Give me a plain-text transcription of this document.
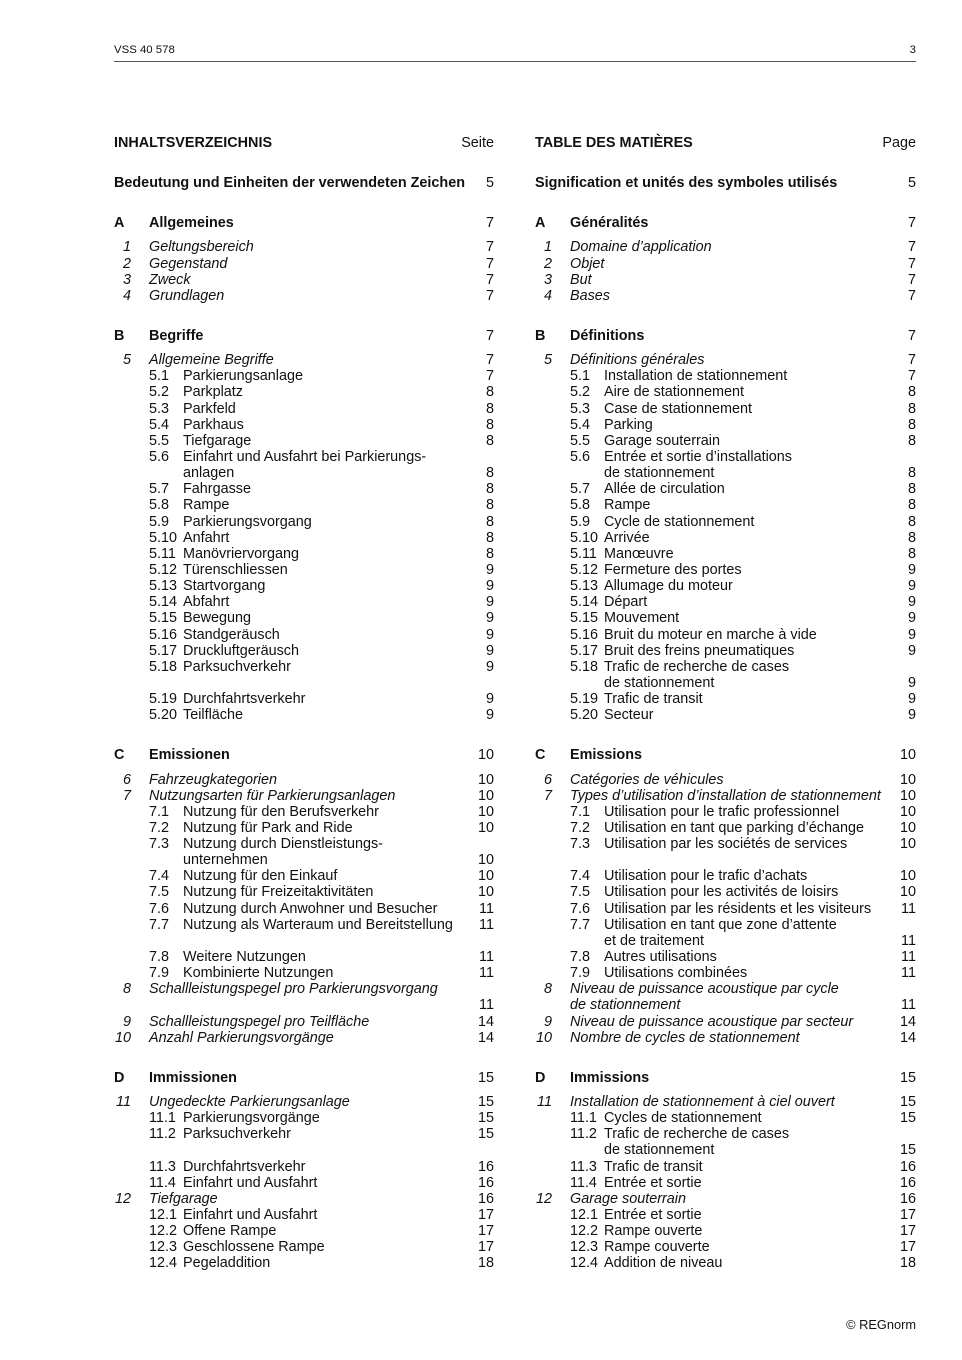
VSS 40 578	3
INHALTSVERZEICHNIS	Seite	TABLE DES MATIÈRES	Page
Bedeutung und Einheiten der verwendeten Zeichen 5	Signification et unités des symboles utilisés	5
A	Allgemeines	7	A	Généralités	7
1	Geltungsbereich	7	1	Domaine d’application	7
2	Gegenstand	7	2	Objet	7
3	Zweck	7	3	But	7
4	Grundlagen	7	4	Bases	7
B	Begriffe	7	B	Définitions	7
5	Allgemeine Begriffe	7	5	Définitions générales	7
5.1 Parkierungsanlage	7	5.1 Installation de stationnement	7
5.2 Parkplatz	8	5.2 Aire de stationnement	8
5.3 Parkfeld	8	5.3 Case de stationnement	8
5.4 Parkhaus	8	5.4 Parking	8
5.5 Tiefgarage	8	5.5 Garage souterrain	8
5.6 Einfahrt und Ausfahrt bei Parkierungs-
anlagen	8
5.6 Entrée et sortie d’installations
de stationnement	8
5.7 Fahrgasse	8	5.7 Allée de circulation	8
5.8 Rampe	8	5.8 Rampe	8
5.9 Parkierungsvorgang	8	5.9 Cycle de stationnement	8
5.10 Anfahrt	8	5.10 Arrivée	8
5.11 Manövriervorgang	8	5.11 Manœuvre	8
5.12 Türenschliessen	9	5.12 Fermeture des portes	9
5.13 Startvorgang	9	5.13 Allumage du moteur	9
5.14 Abfahrt	9	5.14 Départ	9
5.15 Bewegung	9	5.15 Mouvement	9
5.16 Standgeräusch	9	5.16 Bruit du moteur en marche à vide	9
5.17 Druckluftgeräusch	9	5.17 Bruit des freins pneumatiques	9
5.18 Parksuchverkehr	9	5.18 Trafic de recherche de cases
de stationnement	9
5.19 Durchfahrtsverkehr	9	5.19 Trafic de transit	9
5.20 Teilfläche	9	5.20 Secteur	9
C	Emissionen	10	C	Emissions	10
6	Fahrzeugkategorien	10	6	Catégories de véhicules	10
7	Nutzungsarten für Parkierungsanlagen	10	7	Types d’utilisation d’installation de stationnement 10
7.1 Nutzung für den Berufsverkehr	10	7.1 Utilisation pour le trafic professionnel	10
7.2 Nutzung für Park and Ride	10	7.2 Utilisation en tant que parking d’échange 10
7.3 Nutzung durch Dienstleistungs-
unternehmen	10
7.3 Utilisation par les sociétés de services	10
7.4 Nutzung für den Einkauf	10	7.4 Utilisation pour le trafic d’achats	10
7.5 Nutzung für Freizeitaktivitäten	10	7.5 Utilisation pour les activités de loisirs	10
7.6 Nutzung durch Anwohner und Besucher	11	7.6 Utilisation par les résidents et les visiteurs 11
7.7 Nutzung als Warteraum und Bereitstellung 11	7.7 Utilisation en tant que zone d’attente
et de traitement	11
7.8 Weitere Nutzungen	11	7.8 Autres utilisations	11
7.9 Kombinierte Nutzungen	11	7.9 Utilisations combinées	11
8	Schallleistungspegel pro Parkierungsvorgang
11
8	Niveau de puissance acoustique par cycle
de stationnement	11
9	Schallleistungspegel pro Teilfläche	14	9	Niveau de puissance acoustique par secteur	14
10	Anzahl Parkierungsvorgänge	14	10	Nombre de cycles de stationnement	14
D	Immissionen	15	D	Immissions	15
11	Ungedeckte Parkierungsanlage	15	11	Installation de stationnement à ciel ouvert	15
11.1 Parkierungsvorgänge	15	11.1 Cycles de stationnement	15
11.2 Parksuchverkehr	15	11.2 Trafic de recherche de cases
de stationnement	15
11.3 Durchfahrtsverkehr	16	11.3 Trafic de transit	16
11.4 Einfahrt und Ausfahrt	16	11.4 Entrée et sortie	16
12	Tiefgarage	16	12	Garage souterrain	16
12.1 Einfahrt und Ausfahrt	17	12.1 Entrée et sortie	17
12.2 Offene Rampe	17	12.2 Rampe ouverte	17
12.3 Geschlossene Rampe	17	12.3 Rampe couverte	17
12.4 Pegeladdition	18	12.4 Addition de niveau	18
© REGnorm
